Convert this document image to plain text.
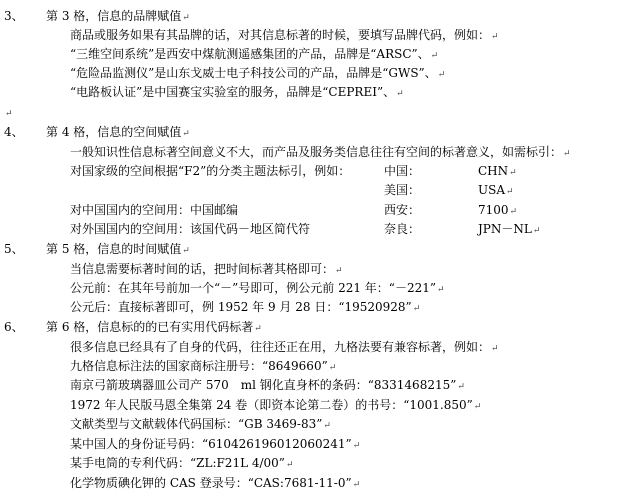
3、 第 3 格，信息的品牌赋值↵
商品或服务如果有其品牌的话，对其信息标著的时候，要填写品牌代码，例如：↵
“三维空间系统”是西安中煤航测遥感集团的产品，品牌是“ARSC”、↵
“危险品监测仪”是山东戈威士电子科技公司的产品，品牌是“GWS”、↵
“电路板认证”是中国赛宝实验室的服务，品牌是“CEPREI”、↵
↵
4、 第 4 格，信息的空间赋值↵
一般知识性信息标著空间意义不大，而产品及服务类信息往往有空间的标著意义，如需标引：↵
对国家级的空间根据“F2”的分类主题法标引，例如：	中国：	CHN↵
美国：	USA↵
对中国国内的空间用：中国邮编	西安：	7100↵
对外国国内的空间用：该国代码－地区简代符	奈良：	JPN－NL↵
5、 第 5 格，信息的时间赋值↵
当信息需要标著时间的话，把时间标著其格即可：↵
公元前：在其年号前加一个“－”号即可，例公元前 221 年：“－221”↵
公元后：直接标著即可，例 1952 年 9 月 28 日：“19520928”↵
6、 第 6 格，信息标的的已有实用代码标著↵
很多信息已经具有了自身的代码，往往还正在用，九格法要有兼容标著，例如：↵
九格信息标注法的国家商标注册号：“8649660”↵
南京弓箭玻璃器皿公司产 570　ml 钢化直身杯的条码：“8331468215”↵
1972 年人民版马恩全集第 24 卷（即资本论第二卷）的书号：“1001.850”↵
文献类型与文献载体代码国标：“GB 3469-83”↵
某中国人的身份证号码：“610426196012060241”↵
某手电筒的专利代码：“ZL:F21L 4/00”↵
化学物质碘化钾的 CAS 登录号：“CAS:7681-11-0”↵
